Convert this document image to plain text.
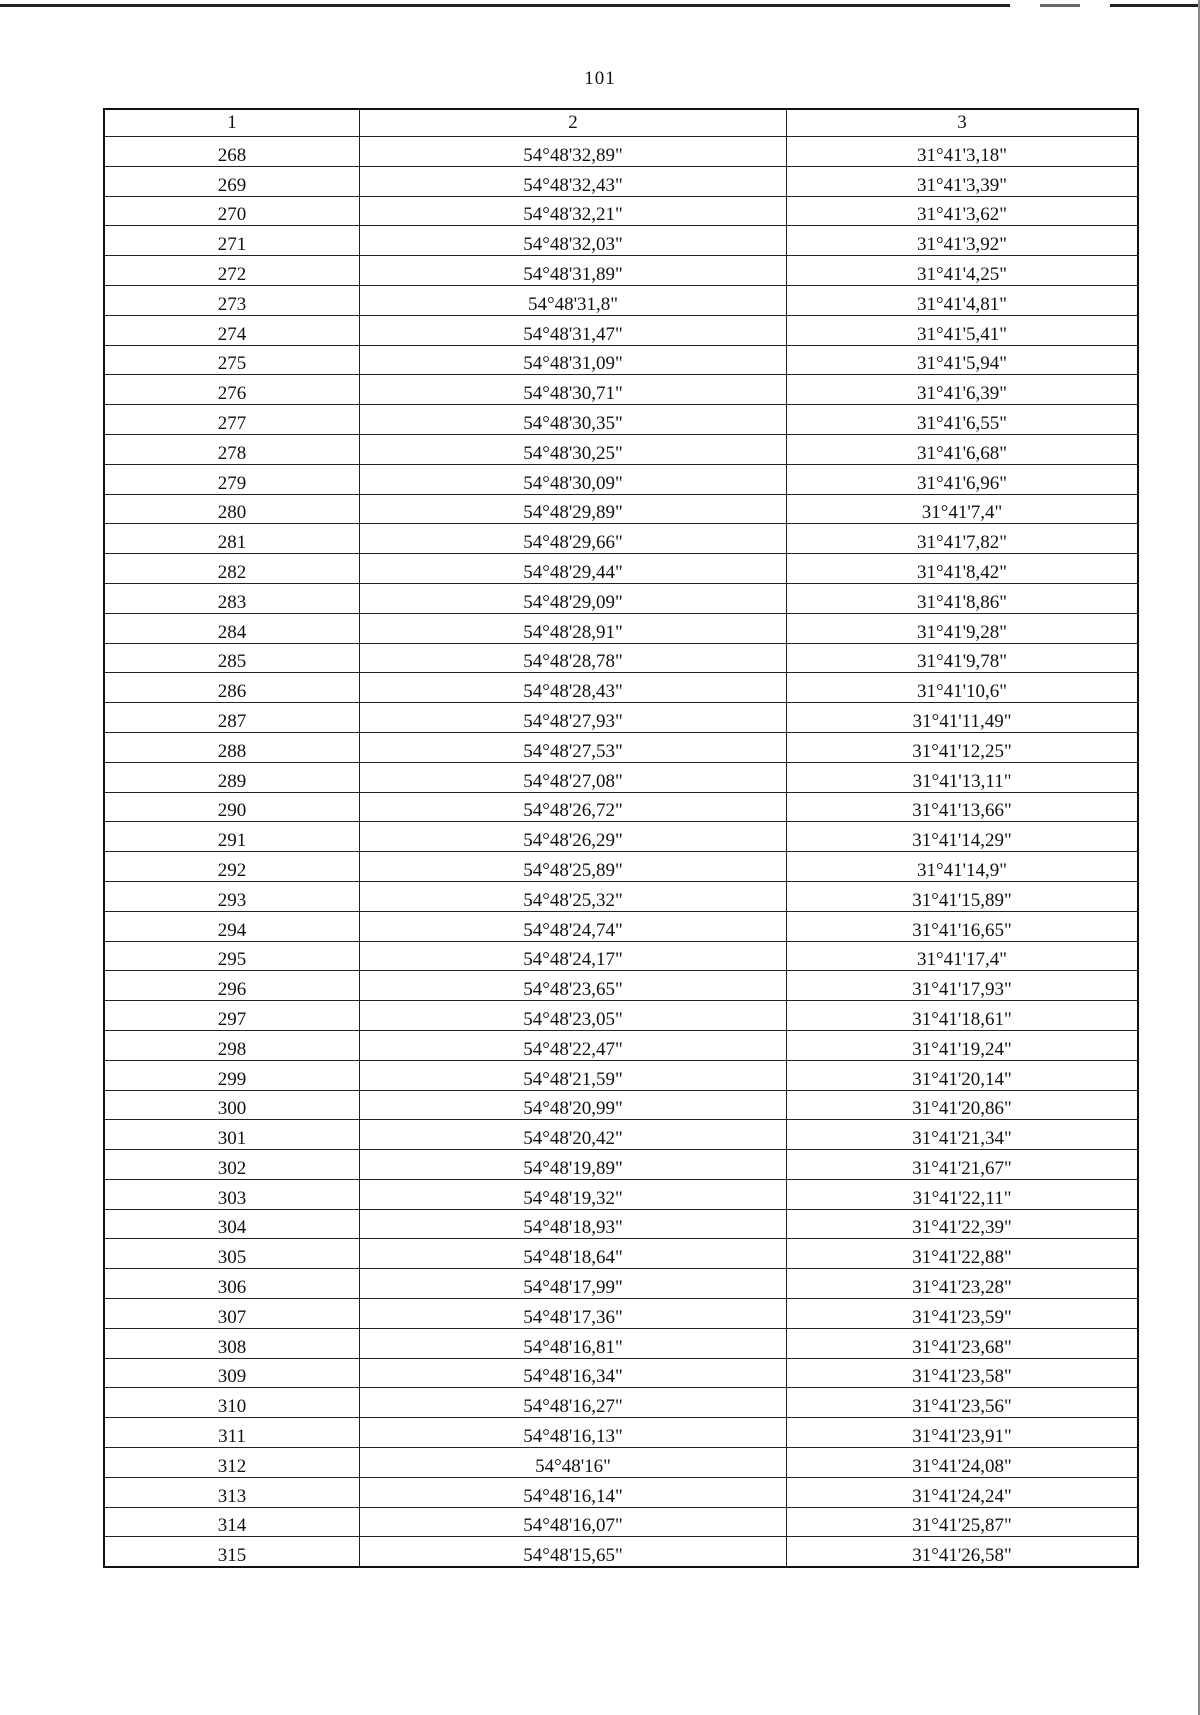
101
1	2	3
268	54°48'32,89"	31°41'3,18"
269	54°48'32,43"	31°41'3,39"
270	54°48'32,21"	31°41'3,62"
271	54°48'32,03"	31°41'3,92"
272	54°48'31,89"	31°41'4,25"
273	54°48'31,8"	31°41'4,81"
274	54°48'31,47"	31°41'5,41"
275	54°48'31,09"	31°41'5,94"
276	54°48'30,71"	31°41'6,39"
277	54°48'30,35"	31°41'6,55"
278	54°48'30,25"	31°41'6,68"
279	54°48'30,09"	31°41'6,96"
280	54°48'29,89"	31°41'7,4"
281	54°48'29,66"	31°41'7,82"
282	54°48'29,44"	31°41'8,42"
283	54°48'29,09"	31°41'8,86"
284	54°48'28,91"	31°41'9,28"
285	54°48'28,78"	31°41'9,78"
286	54°48'28,43"	31°41'10,6"
287	54°48'27,93"	31°41'11,49"
288	54°48'27,53"	31°41'12,25"
289	54°48'27,08"	31°41'13,11"
290	54°48'26,72"	31°41'13,66"
291	54°48'26,29"	31°41'14,29"
292	54°48'25,89"	31°41'14,9"
293	54°48'25,32"	31°41'15,89"
294	54°48'24,74"	31°41'16,65"
295	54°48'24,17"	31°41'17,4"
296	54°48'23,65"	31°41'17,93"
297	54°48'23,05"	31°41'18,61"
298	54°48'22,47"	31°41'19,24"
299	54°48'21,59"	31°41'20,14"
300	54°48'20,99"	31°41'20,86"
301	54°48'20,42"	31°41'21,34"
302	54°48'19,89"	31°41'21,67"
303	54°48'19,32"	31°41'22,11"
304	54°48'18,93"	31°41'22,39"
305	54°48'18,64"	31°41'22,88"
306	54°48'17,99"	31°41'23,28"
307	54°48'17,36"	31°41'23,59"
308	54°48'16,81"	31°41'23,68"
309	54°48'16,34"	31°41'23,58"
310	54°48'16,27"	31°41'23,56"
311	54°48'16,13"	31°41'23,91"
312	54°48'16"	31°41'24,08"
313	54°48'16,14"	31°41'24,24"
314	54°48'16,07"	31°41'25,87"
315	54°48'15,65"	31°41'26,58"
